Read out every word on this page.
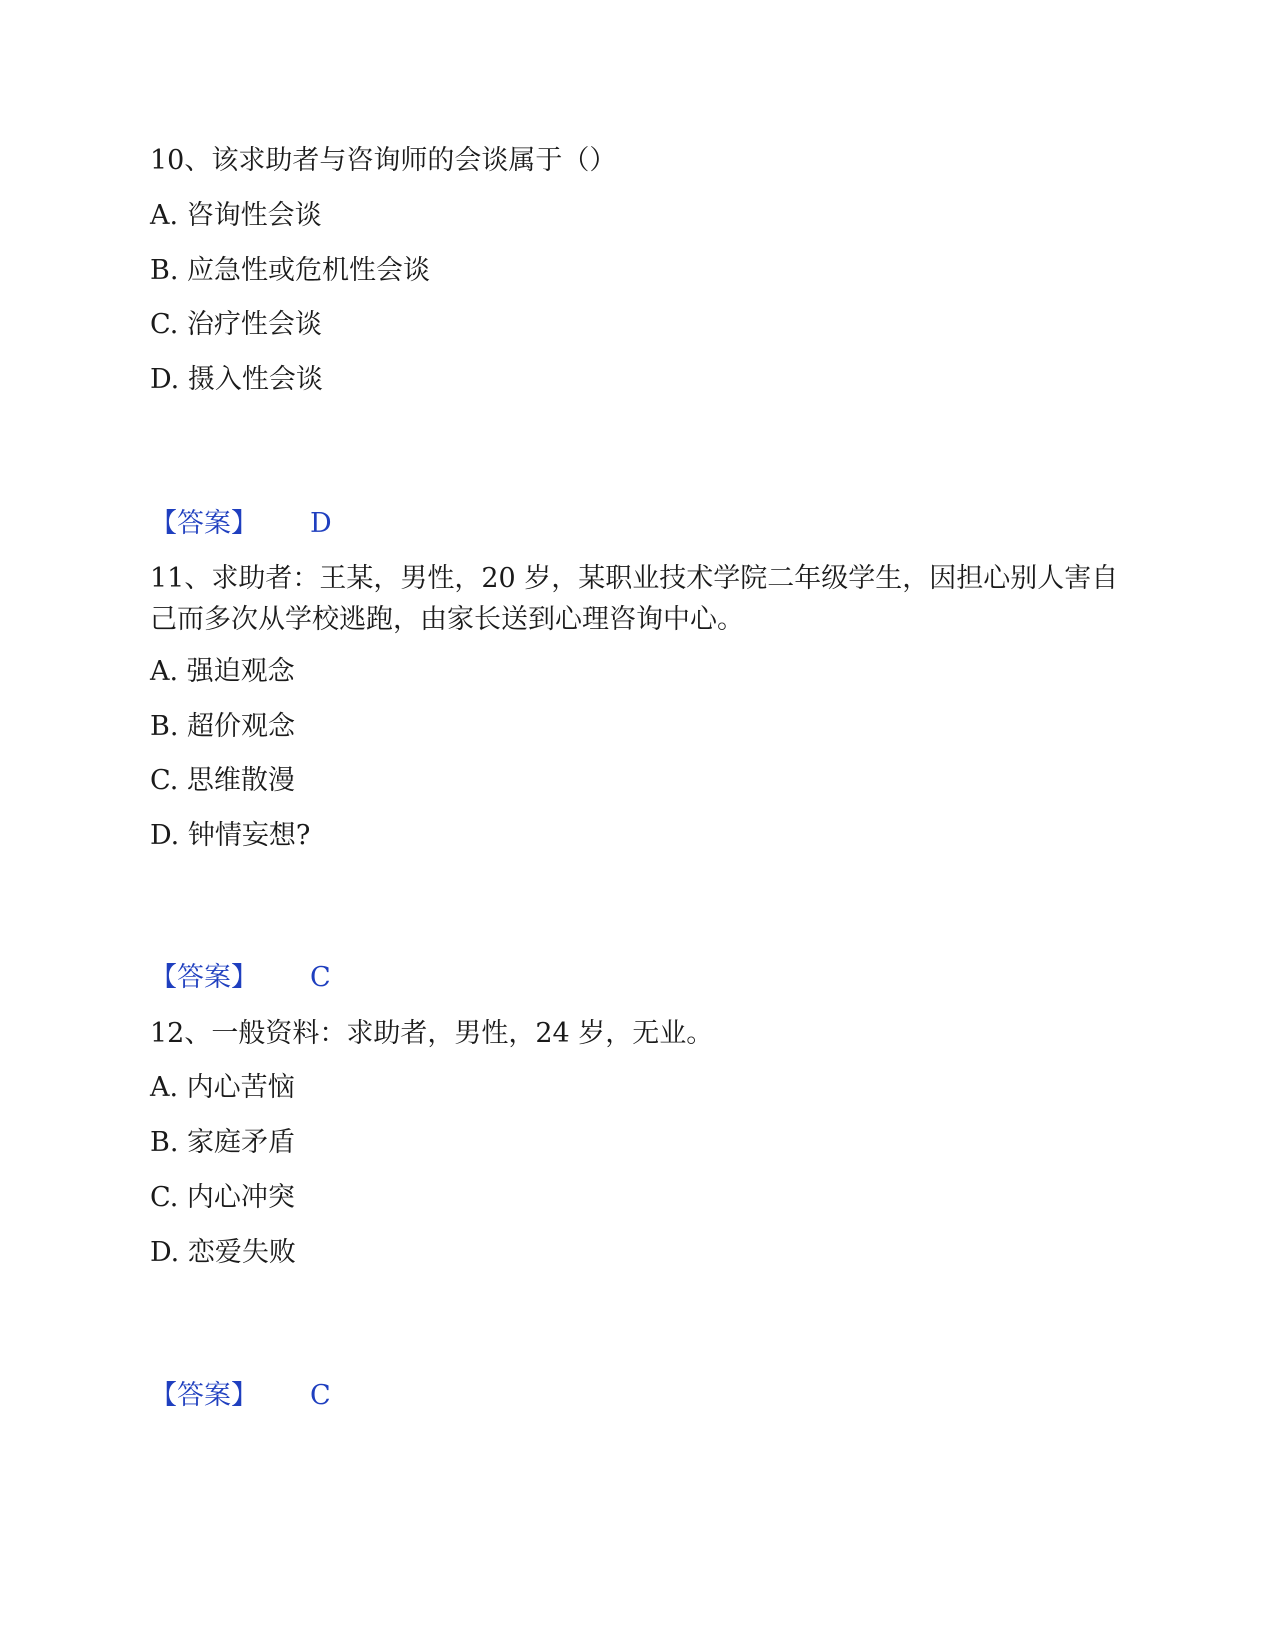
10、该求助者与咨询师的会谈属于（）
A. 咨询性会谈
B. 应急性或危机性会谈
C. 治疗性会谈
D. 摄入性会谈
【答案】 D
11、求助者：王某，男性，20 岁，某职业技术学院二年级学生，因担心别人害自己而多次从学校逃跑，由家长送到心理咨询中心。
A. 强迫观念
B. 超价观念
C. 思维散漫
D. 钟情妄想?
【答案】 C
12、一般资料：求助者，男性，24 岁，无业。
A. 内心苦恼
B. 家庭矛盾
C. 内心冲突
D. 恋爱失败
【答案】 C
